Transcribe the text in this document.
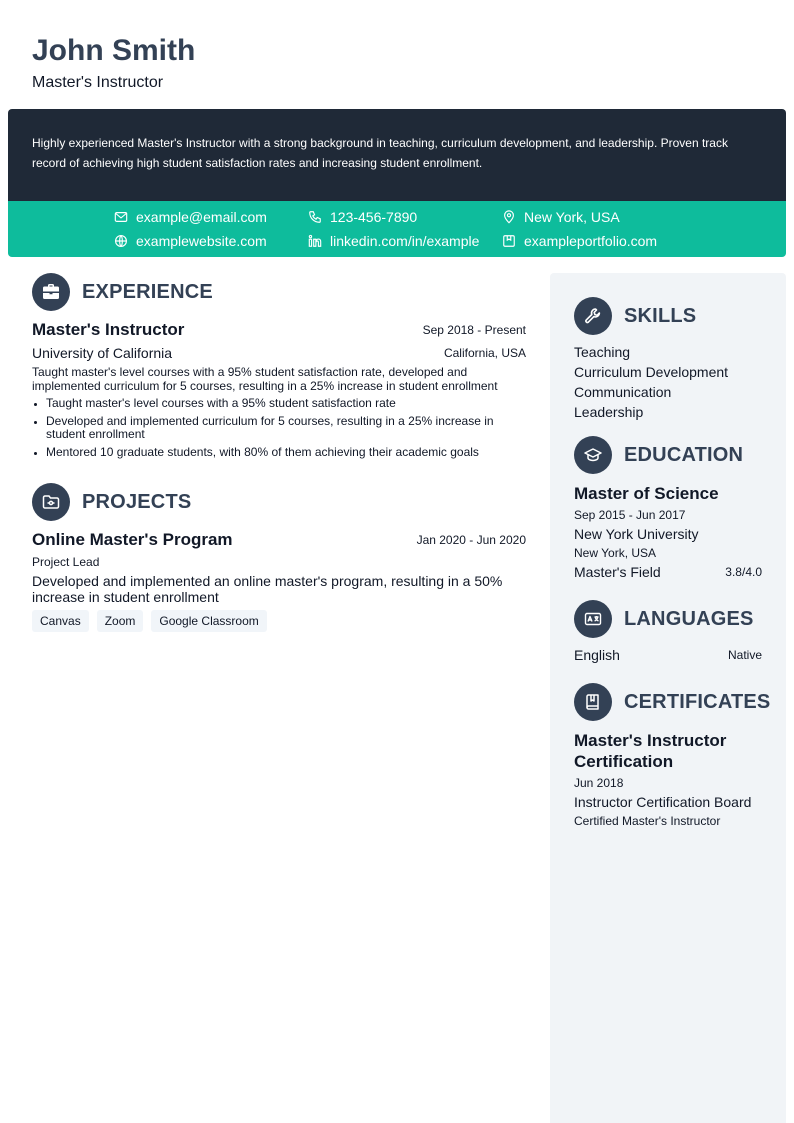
John Smith
Master's Instructor

Highly experienced Master's Instructor with a strong background in teaching, curriculum development, and leadership. Proven track record of achieving high student satisfaction rates and increasing student enrollment.

example@email.com	123-456-7890	New York, USA
examplewebsite.com	linkedin.com/in/example	exampleportfolio.com
EXPERIENCE
Master's Instructor	Sep 2018 - Present
University of California	California, USA
Taught master's level courses with a 95% student satisfaction rate, developed and implemented curriculum for 5 courses, resulting in a 25% increase in student enrollment
Taught master's level courses with a 95% student satisfaction rate
Developed and implemented curriculum for 5 courses, resulting in a 25% increase in student enrollment
Mentored 10 graduate students, with 80% of them achieving their academic goals
PROJECTS
Online Master's Program	Jan 2020 - Jun 2020
Project Lead
Developed and implemented an online master's program, resulting in a 50% increase in student enrollment
Canvas	Zoom	Google Classroom
SKILLS
Teaching
Curriculum Development
Communication
Leadership
EDUCATION
Master of Science
Sep 2015 - Jun 2017
New York University
New York, USA
Master's Field	3.8/4.0
LANGUAGES
English	Native
CERTIFICATES
Master's Instructor Certification
Jun 2018
Instructor Certification Board
Certified Master's Instructor
